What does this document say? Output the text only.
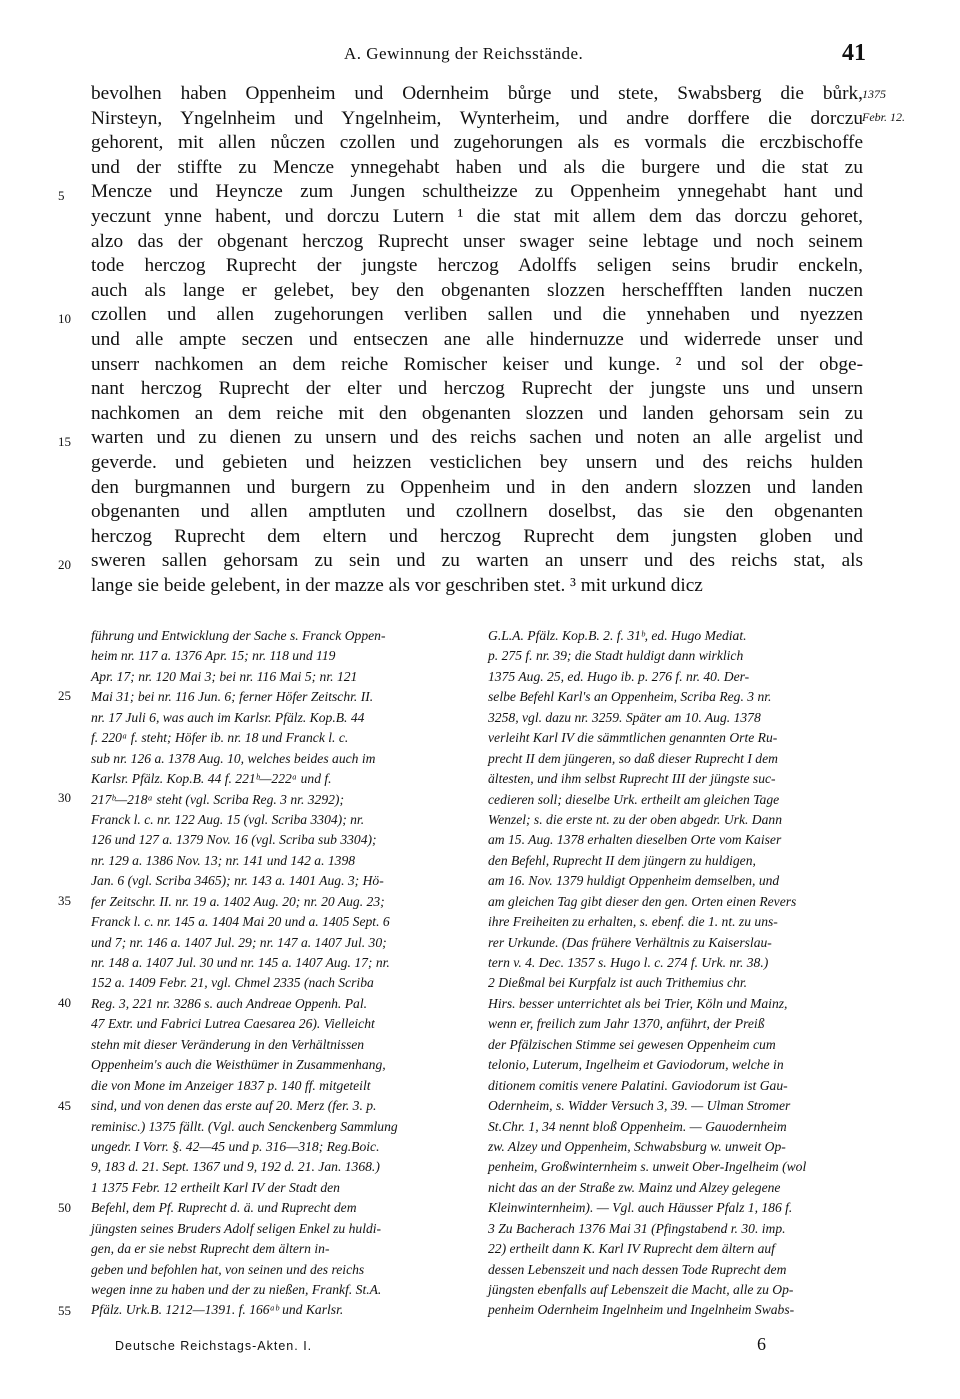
A. Gewinnung der Reichsstände.	41
bevolhen haben Oppenheim und Odernheim bůrge und stete, Swabsberg die bůrk,
Nirsteyn, Yngelnheim und Yngelnheim, Wynterheim, und andre dorffere die dorczu
gehorent, mit allen nůczen czollen und zugehorungen als es vormals die erczbischoffe
und der stiffte zu Mencze ynnegehabt haben und als die burgere und die stat zu
Mencze und Heyncze zum Jungen schultheizze zu Oppenheim ynnegehabt hant und
yeczunt ynne habent, und dorczu Lutern ¹ die stat mit allem dem das dorczu gehoret,
alzo das der obgenant herczog Ruprecht unser swager seine lebtage und noch seinem
tode herczog Ruprecht der jungste herczog Adolffs seligen seins brudir enckeln,
auch als lange er gelebet, bey den obgenanten slozzen herscheffften landen nuczen
czollen und allen zugehorungen verliben sallen und die ynnehaben und nyezzen
und alle ampte seczen und entseczen ane alle hindernuzze und widerrede unser und
unserr nachkomen an dem reiche Romischer keiser und kunge. ² und sol der obge-
nant herczog Ruprecht der elter und herczog Ruprecht der jungste uns und unsern
nachkomen an dem reiche mit den obgenanten slozzen und landen gehorsam sein zu
warten und zu dienen zu unsern und des reichs sachen und noten an alle argelist und
geverde. und gebieten und heizzen vesticlichen bey unsern und des reichs hulden
den burgmannen und burgern zu Oppenheim und in den andern slozzen und landen
obgenanten und allen amptluten und czollnern doselbst, das sie den obgenanten
herczog Ruprecht dem eltern und herczog Ruprecht dem jungsten globen und
sweren sallen gehorsam zu sein und zu warten an unserr und des reichs stat, als
lange sie beide gelebent, in der mazze als vor geschriben stet. ³ mit urkund dicz
1375
Febr. 12.
5
10
15
20
25
30
35
40
45
50
55
führung und Entwicklung der Sache s. Franck Oppen-
heim nr. 117 a. 1376 Apr. 15; nr. 118 und 119
Apr. 17; nr. 120 Mai 3; bei nr. 116 Mai 5; nr. 121
Mai 31; bei nr. 116 Jun. 6; ferner Höfer Zeitschr. II.
nr. 17 Juli 6, was auch im Karlsr. Pfälz. Kop.B. 44
f. 220ᵃ f. steht; Höfer ib. nr. 18 und Franck l. c.
sub nr. 126 a. 1378 Aug. 10, welches beides auch im
Karlsr. Pfälz. Kop.B. 44 f. 221ᵇ—222ᵃ und f.
217ᵇ—218ᵃ steht (vgl. Scriba Reg. 3 nr. 3292);
Franck l. c. nr. 122 Aug. 15 (vgl. Scriba 3304); nr.
126 und 127 a. 1379 Nov. 16 (vgl. Scriba sub 3304);
nr. 129 a. 1386 Nov. 13; nr. 141 und 142 a. 1398
Jan. 6 (vgl. Scriba 3465); nr. 143 a. 1401 Aug. 3; Hö-
fer Zeitschr. II. nr. 19 a. 1402 Aug. 20; nr. 20 Aug. 23;
Franck l. c. nr. 145 a. 1404 Mai 20 und a. 1405 Sept. 6
und 7; nr. 146 a. 1407 Jul. 29; nr. 147 a. 1407 Jul. 30;
nr. 148 a. 1407 Jul. 30 und nr. 145 a. 1407 Aug. 17; nr.
152 a. 1409 Febr. 21, vgl. Chmel 2335 (nach Scriba
Reg. 3, 221 nr. 3286 s. auch Andreae Oppenh. Pal.
47 Extr. und Fabrici Lutrea Caesarea 26). Vielleicht
stehn mit dieser Veränderung in den Verhältnissen
Oppenheim's auch die Weisthümer in Zusammenhang,
die von Mone im Anzeiger 1837 p. 140 ff. mitgeteilt
sind, und von denen das erste auf 20. Merz (fer. 3. p.
reminisc.) 1375 fällt. (Vgl. auch Senckenberg Sammlung
ungedr. I Vorr. §. 42—45 und p. 316—318; Reg.Boic.
9, 183 d. 21. Sept. 1367 und 9, 192 d. 21. Jan. 1368.)
1 1375 Febr. 12 ertheilt Karl IV der Stadt den
Befehl, dem Pf. Ruprecht d. ä. und Ruprecht dem
jüngsten seines Bruders Adolf seligen Enkel zu huldi-
gen, da er sie nebst Ruprecht dem ältern in-
geben und befohlen hat, von seinen und des reichs
wegen inne zu haben und der zu nießen, Frankf. St.A.
Pfälz. Urk.B. 1212—1391. f. 166ᵃᵇ und Karlsr.
G.L.A. Pfälz. Kop.B. 2. f. 31ᵇ, ed. Hugo Mediat.
p. 275 f. nr. 39; die Stadt huldigt dann wirklich
1375 Aug. 25, ed. Hugo ib. p. 276 f. nr. 40. Der-
selbe Befehl Karl's an Oppenheim, Scriba Reg. 3 nr.
3258, vgl. dazu nr. 3259. Später am 10. Aug. 1378
verleiht Karl IV die sämmtlichen genannten Orte Ru-
precht II dem jüngeren, so daß dieser Ruprecht I dem
ältesten, und ihm selbst Ruprecht III der jüngste suc-
cedieren soll; dieselbe Urk. ertheilt am gleichen Tage
Wenzel; s. die erste nt. zu der oben abgedr. Urk. Dann
am 15. Aug. 1378 erhalten dieselben Orte vom Kaiser
den Befehl, Ruprecht II dem jüngern zu huldigen,
am 16. Nov. 1379 huldigt Oppenheim demselben, und
am gleichen Tag gibt dieser den gen. Orten einen Revers
ihre Freiheiten zu erhalten, s. ebenf. die 1. nt. zu uns-
rer Urkunde. (Das frühere Verhältnis zu Kaiserslau-
tern v. 4. Dec. 1357 s. Hugo l. c. 274 f. Urk. nr. 38.)
2 Dießmal bei Kurpfalz ist auch Trithemius chr.
Hirs. besser unterrichtet als bei Trier, Köln und Mainz,
wenn er, freilich zum Jahr 1370, anführt, der Preiß
der Pfälzischen Stimme sei gewesen Oppenheim cum
telonio, Luterum, Ingelheim et Gaviodorum, welche in
ditionem comitis venere Palatini. Gaviodorum ist Gau-
Odernheim, s. Widder Versuch 3, 39. — Ulman Stromer
St.Chr. 1, 34 nennt bloß Oppenheim. — Gauodernheim
zw. Alzey und Oppenheim, Schwabsburg w. unweit Op-
penheim, Großwinternheim s. unweit Ober-Ingelheim (wol
nicht das an der Straße zw. Mainz und Alzey gelegene
Kleinwinternheim). — Vgl. auch Häusser Pfalz 1, 186 f.
3 Zu Bacherach 1376 Mai 31 (Pfingstabend r. 30. imp.
22) ertheilt dann K. Karl IV Ruprecht dem ältern auf
dessen Lebenszeit und nach dessen Tode Ruprecht dem
jüngsten ebenfalls auf Lebenszeit die Macht, alle zu Op-
penheim Odernheim Ingelnheim und Ingelnheim Swabs-
Deutsche Reichstags-Akten. I.	6
